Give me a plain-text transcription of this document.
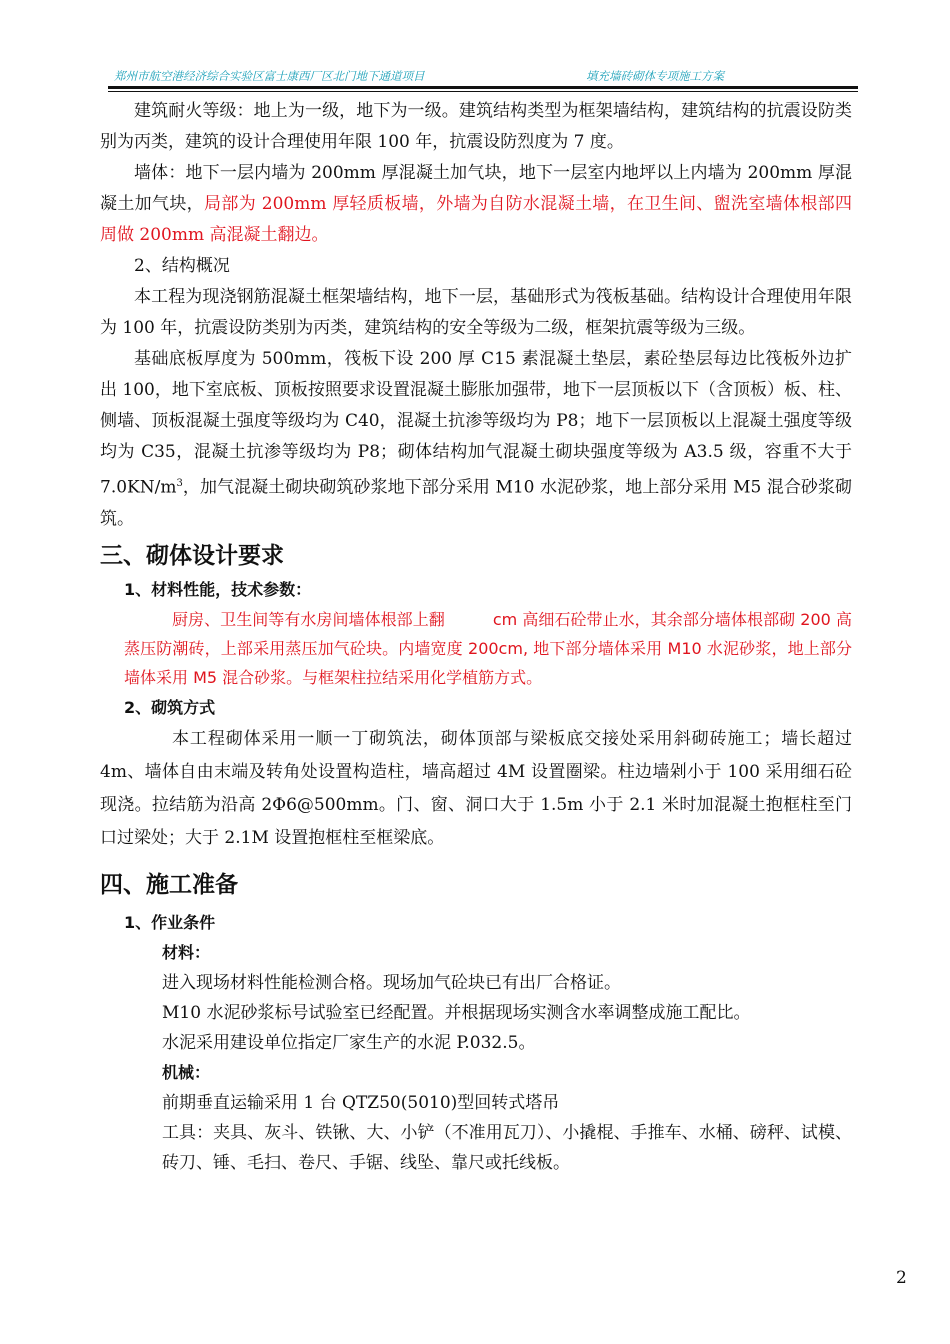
郑州市航空港经济综合实验区富士康西厂区北门地下通道项目	填充墙砖砌体专项施工方案

建筑耐火等级：地上为一级，地下为一级。建筑结构类型为框架墙结构，建筑结构的抗震设防类别为丙类，建筑的设计合理使用年限 100 年，抗震设防烈度为 7 度。

墙体：地下一层内墙为 200mm 厚混凝土加气块，地下一层室内地坪以上内墙为 200mm 厚混凝土加气块，局部为 200mm 厚轻质板墙，外墙为自防水混凝土墙，在卫生间、盥洗室墙体根部四周做 200mm 高混凝土翻边。

2、结构概况

本工程为现浇钢筋混凝土框架墙结构，地下一层，基础形式为筏板基础。结构设计合理使用年限为 100 年，抗震设防类别为丙类，建筑结构的安全等级为二级，框架抗震等级为三级。

基础底板厚度为 500mm，筏板下设 200 厚 C15 素混凝土垫层，素砼垫层每边比筏板外边扩出 100，地下室底板、顶板按照要求设置混凝土膨胀加强带，地下一层顶板以下（含顶板）板、柱、侧墙、顶板混凝土强度等级均为 C40，混凝土抗渗等级均为 P8；地下一层顶板以上混凝土强度等级均为 C35，混凝土抗渗等级均为 P8；砌体结构加气混凝土砌块强度等级为 A3.5 级，容重不大于 $7.0KN/m^3$，加气混凝土砌块砌筑砂浆地下部分采用 M10 水泥砂浆，地上部分采用 M5 混合砂浆砌筑。

三、砌体设计要求
1、材料性能，技术参数：

厨房、卫生间等有水房间墙体根部上翻	cm 高细石砼带止水，其余部分墙体根部砌 200 高蒸压防潮砖，上部采用蒸压加气砼块。内墙宽度 200cm, 地下部分墙体采用 M10 水泥砂浆，地上部分墙体采用 M5 混合砂浆。与框架柱拉结采用化学植筋方式。

2、砌筑方式

本工程砌体采用一顺一丁砌筑法，砌体顶部与梁板底交接处采用斜砌砖施工；墙长超过 4m、墙体自由末端及转角处设置构造柱，墙高超过 4M 设置圈梁。柱边墙剁小于 100 采用细石砼现浇。拉结筋为沿高 2Φ6@500mm。门、窗、洞口大于 1.5m 小于 2.1 米时加混凝土抱框柱至门口过梁处；大于 2.1M 设置抱框柱至框梁底。

四、施工准备
1、作业条件
材料：

进入现场材料性能检测合格。现场加气砼块已有出厂合格证。

M10 水泥砂浆标号试验室已经配置。并根据现场实测含水率调整成施工配比。

水泥采用建设单位指定厂家生产的水泥 P.032.5。

机械：

前期垂直运输采用 1 台 QTZ50(5010)型回转式塔吊

工具：夹具、灰斗、铁锹、大、小铲（不准用瓦刀）、小撬棍、手推车、水桶、磅秤、试模、砖刀、锤、毛扫、卷尺、手锯、线坠、靠尺或托线板。

2
